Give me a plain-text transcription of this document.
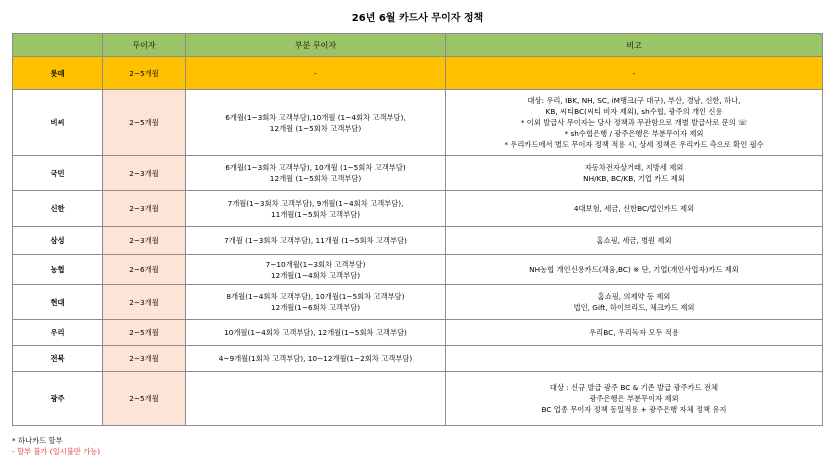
26년 6월 카드사 무이자 정책
	무이자	부분 무이자	비고
롯데	2~5개월	-	-

비씨	2~5개월	6개월(1~3회차 고객부담),10개월 (1~4회차 고객부담),
12개월 (1~5회차 고객부담)	대상: 우리, IBK, NH, SC, iM뱅크(구 대구), 부산, 경남, 신한, 하나,
KB, 씨티BC(씨티 비자 제외), sh수협, 광주의 개인 신용
* 이외 발급사 무이자는 당사 정책과 무관함으로 개별 발급사로 문의 ☏
* sh수협은행 / 광주은행은 부분무이자 제외
* 우리카드에서 별도 무이자 정책 적용 시, 상세 정책은 우리카드 측으로 확인 필수

국민	2~3개월	6개월(1~3회차 고객부담), 10개월 (1~5회차 고객부담)
12개월 (1~5회차 고객부담)	자동차전자상거래, 지방세 제외
NH/KB, BC/KB, 기업 카드 제외

신한	2~3개월	7개월(1~3회차 고객부담), 9개월(1~4회차 고객부담),
11개월(1~5회차 고객부담)	4대보험, 세금, 신한BC/법인카드 제외

삼성	2~3개월	7개월 (1~3회차 고객부담), 11개월 (1~5회차 고객부담)	홈쇼핑, 세금, 병원 제외

농협	2~6개월	7~10개월(1~3회차 고객부담)
12개월(1~4회차 고객부담)	NH농협 개인신용카드(채움,BC) ※ 단, 기업(개인사업자)카드 제외

현대	2~3개월	8개월(1~4회차 고객부담), 10개월(1~5회차 고객부담)
12개월(1~6회차 고객부담)	홈쇼핑, 의제약 등 제외
법인, Gift, 하이브리드, 체크카드 제외

우리	2~5개월	10개월(1~4회차 고객부담), 12개월(1~5회차 고객부담)	우리BC, 우리독자 모두 적용

전북	2~3개월	4~9개월(1회차 고객부담), 10~12개월(1~2회차 고객부담)	

광주	2~5개월		대상 : 신규 발급 광주 BC & 기존 발급 광주카드 전체
광주은행은 부분무이자 제외
BC 업종 무이자 정책 동일적용 + 광주은행 자체 정책 유지
* 하나카드 할부
- 할부 불가 (일시불만 가능)
